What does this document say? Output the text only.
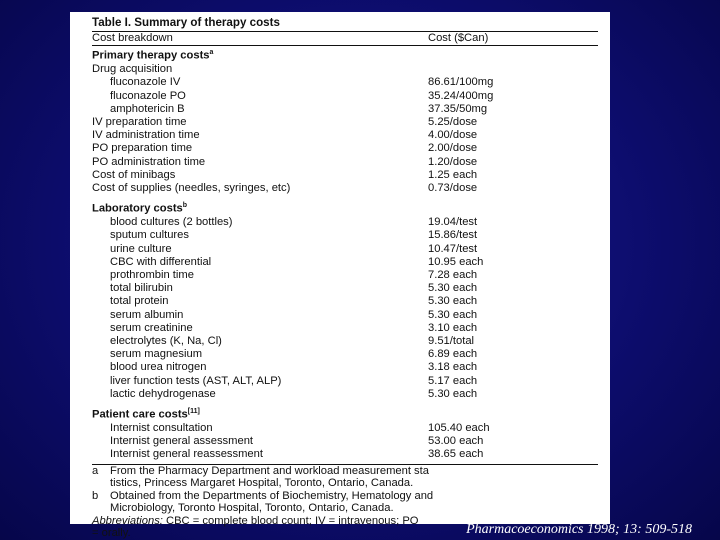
Table I. Summary of therapy costs
Cost breakdown	Cost ($Can)
Primary therapy costs$^a$
Drug acquisition
fluconazole IV	86.61/100mg
fluconazole PO	35.24/400mg
amphotericin B	37.35/50mg
IV preparation time	5.25/dose
IV administration time	4.00/dose
PO preparation time	2.00/dose
PO administration time	1.20/dose
Cost of minibags	1.25 each
Cost of supplies (needles, syringes, etc)	0.73/dose
Laboratory costs$^b$
blood cultures (2 bottles)	19.04/test
sputum cultures	15.86/test
urine culture	10.47/test
CBC with differential	10.95 each
prothrombin time	7.28 each
total bilirubin	5.30 each
total protein	5.30 each
serum albumin	5.30 each
serum creatinine	3.10 each
electrolytes (K, Na, Cl)	9.51/total
serum magnesium	6.89 each
blood urea nitrogen	3.18 each
liver function tests (AST, ALT, ALP)	5.17 each
lactic dehydrogenase	5.30 each
Patient care costs[11]
Internist consultation	105.40 each
Internist general assessment	53.00 each
Internist general reassessment	38.65 each
a	From the Pharmacy Department and workload measurement sta
tistics, Princess Margaret Hospital, Toronto, Ontario, Canada.
b	Obtained from the Departments of Biochemistry, Hematology and
Microbiology, Toronto Hospital, Toronto, Ontario, Canada.
Abbreviations: CBC = complete blood count; IV = intravenous; PO
= orally.	Pharmacoeconomics 1998; 13: 509-518
